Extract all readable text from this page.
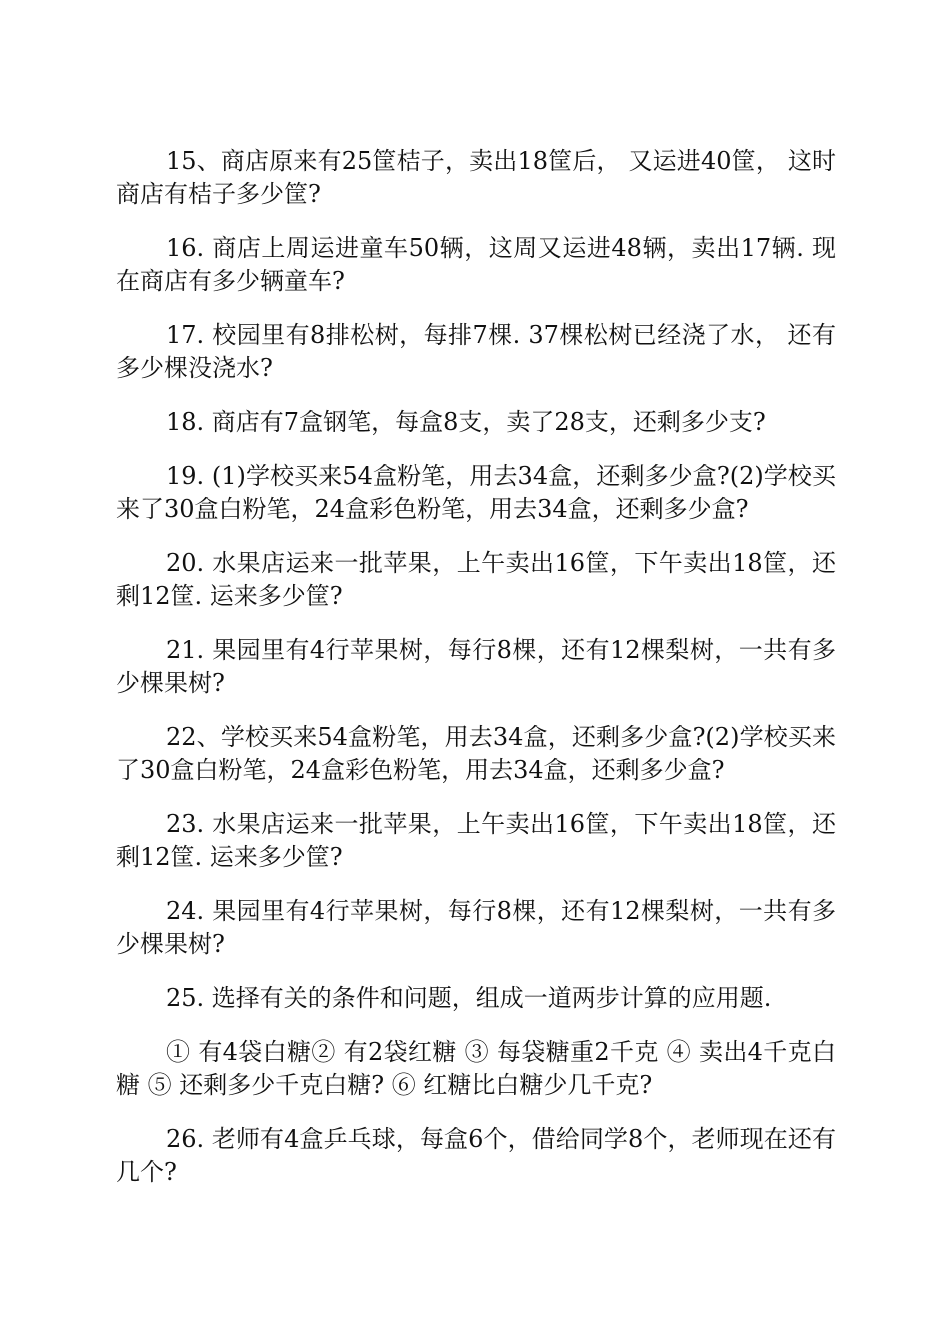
15、商店原来有25筐桔子，卖出18筐后， 又运进40筐， 这时商店有桔子多少筐?

16. 商店上周运进童车50辆，这周又运进48辆，卖出17辆. 现在商店有多少辆童车?

17. 校园里有8排松树，每排7棵. 37棵松树已经浇了水， 还有多少棵没浇水?

18. 商店有7盒钢笔，每盒8支，卖了28支，还剩多少支?

19. (1)学校买来54盒粉笔，用去34盒，还剩多少盒?(2)学校买来了30盒白粉笔，24盒彩色粉笔，用去34盒，还剩多少盒?

20. 水果店运来一批苹果，上午卖出16筐，下午卖出18筐，还剩12筐. 运来多少筐?

21. 果园里有4行苹果树，每行8棵，还有12棵梨树，一共有多少棵果树?

22、学校买来54盒粉笔，用去34盒，还剩多少盒?(2)学校买来了30盒白粉笔，24盒彩色粉笔，用去34盒，还剩多少盒?

23. 水果店运来一批苹果，上午卖出16筐，下午卖出18筐，还剩12筐. 运来多少筐?

24. 果园里有4行苹果树，每行8棵，还有12棵梨树，一共有多少棵果树?

25. 选择有关的条件和问题，组成一道两步计算的应用题.

① 有4袋白糖② 有2袋红糖 ③ 每袋糖重2千克 ④ 卖出4千克白糖 ⑤ 还剩多少千克白糖? ⑥ 红糖比白糖少几千克?

26. 老师有4盒乒乓球，每盒6个，借给同学8个，老师现在还有几个?
